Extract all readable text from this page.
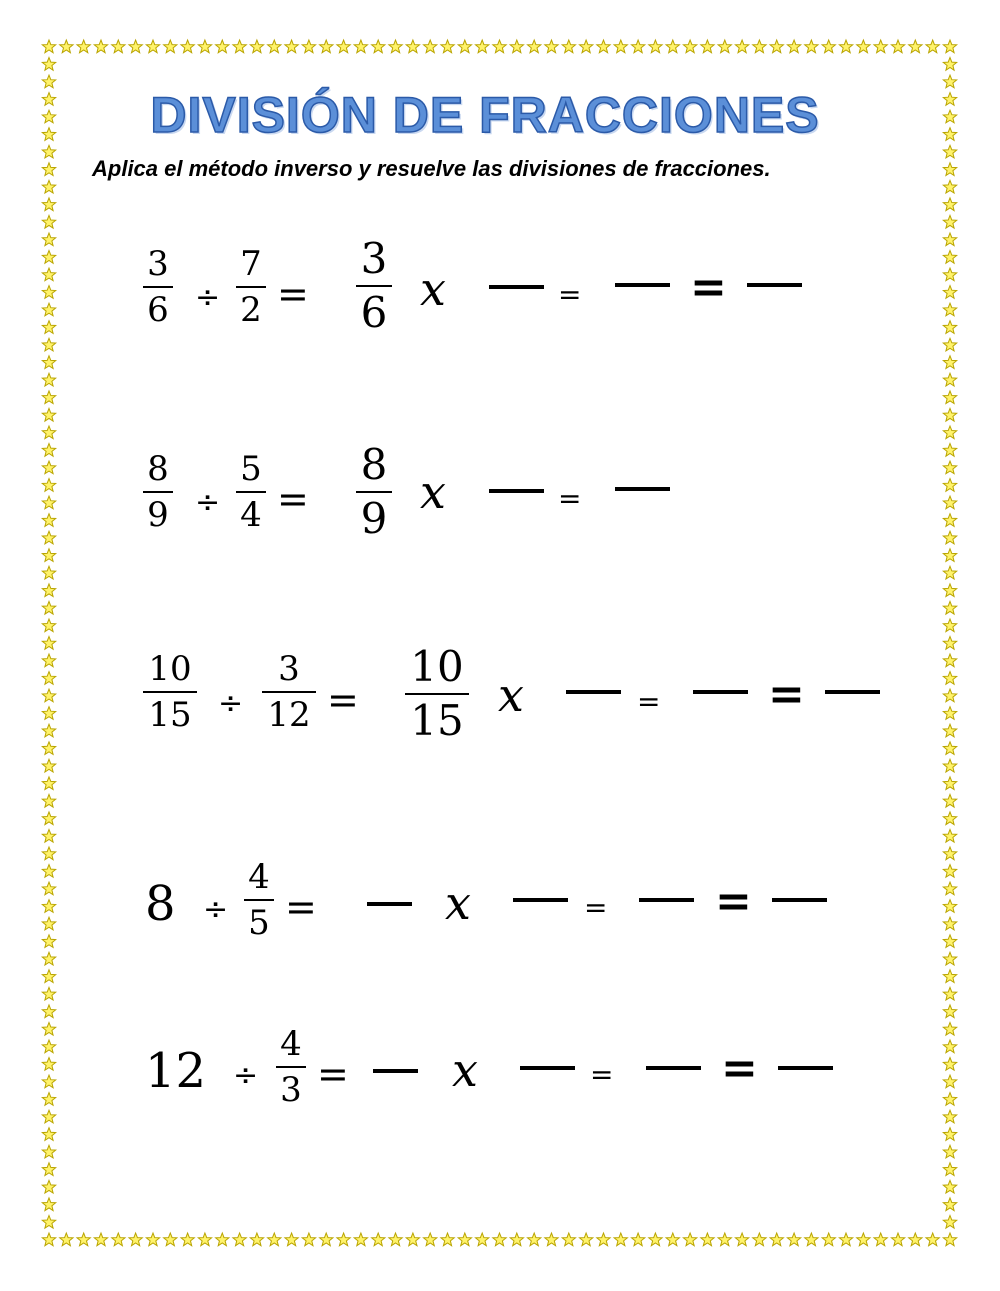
DIVISIÓN DE FRACCIONES
Aplica el método inverso y resuelve las divisiones de fracciones.
3
6 ÷
7
2 =
3
6 𝑥	= =
8
9 ÷
5
4 =
8
9 𝑥	=
10
15 ÷
3
12 =
10
15 𝑥	= =
8 ÷
4
5 =	𝑥	= =
12 ÷
4
3 = 𝑥	= =
